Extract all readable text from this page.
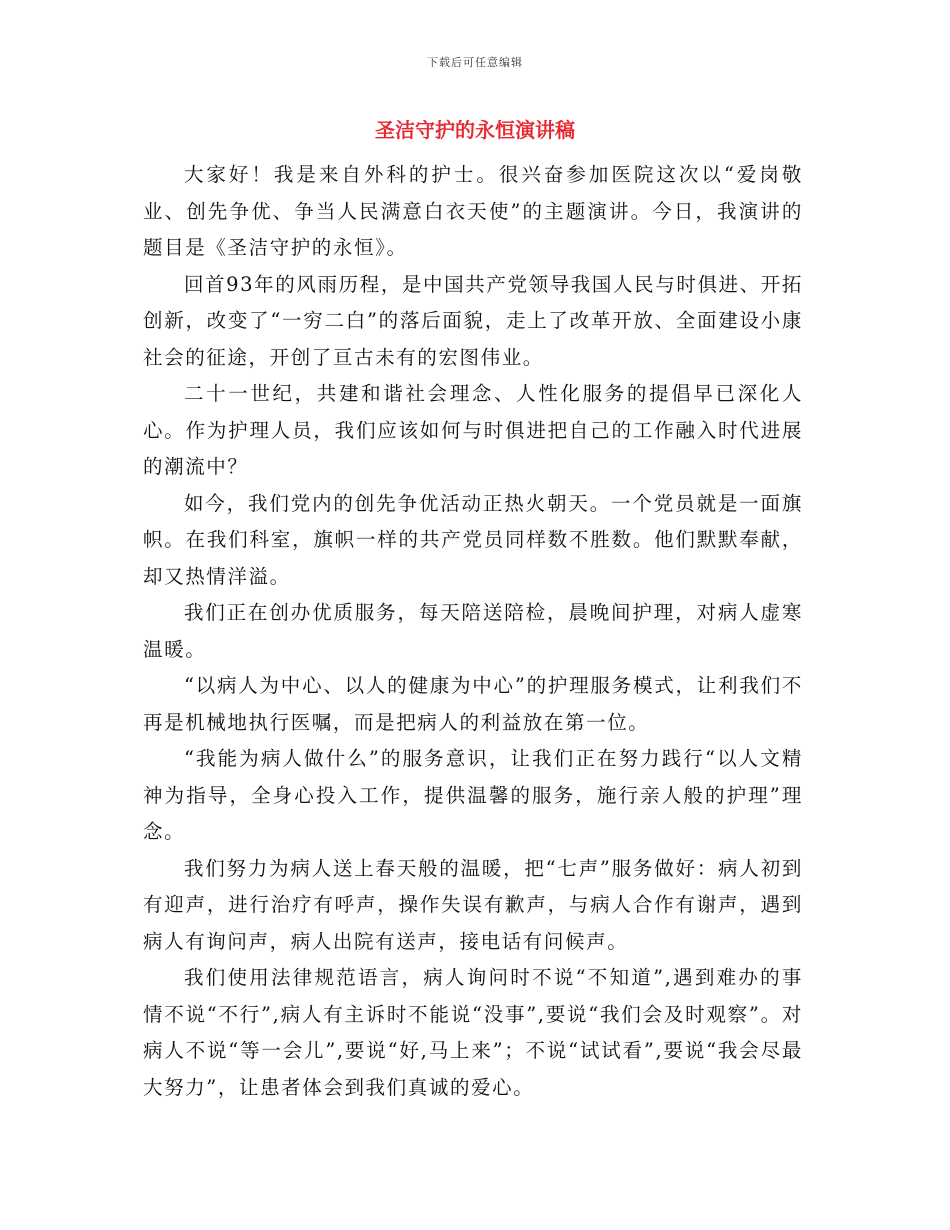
下载后可任意编辑
圣洁守护的永恒演讲稿

大家好！我是来自外科的护士。很兴奋参加医院这次以“爱岗敬业、创先争优、争当人民满意白衣天使”的主题演讲。今日，我演讲的题目是《圣洁守护的永恒》。

回首93年的风雨历程，是中国共产党领导我国人民与时俱进、开拓创新，改变了“一穷二白”的落后面貌，走上了改革开放、全面建设小康社会的征途，开创了亘古未有的宏图伟业。

二十一世纪，共建和谐社会理念、人性化服务的提倡早已深化人心。作为护理人员，我们应该如何与时俱进把自己的工作融入时代进展的潮流中？

如今，我们党内的创先争优活动正热火朝天。一个党员就是一面旗帜。在我们科室，旗帜一样的共产党员同样数不胜数。他们默默奉献，却又热情洋溢。

我们正在创办优质服务，每天陪送陪检，晨晚间护理，对病人虚寒温暖。

“以病人为中心、以人的健康为中心”的护理服务模式，让利我们不再是机械地执行医嘱，而是把病人的利益放在第一位。

“我能为病人做什么”的服务意识，让我们正在努力践行“以人文精神为指导，全身心投入工作，提供温馨的服务，施行亲人般的护理”理念。

我们努力为病人送上春天般的温暖，把“七声”服务做好：病人初到有迎声，进行治疗有呼声，操作失误有歉声，与病人合作有谢声，遇到病人有询问声，病人出院有送声，接电话有问候声。

我们使用法律规范语言，病人询问时不说“不知道”,遇到难办的事情不说“不行”,病人有主诉时不能说“没事”,要说“我们会及时观察”。对病人不说“等一会儿”,要说“好,马上来”；不说“试试看”,要说“我会尽最大努力”，让患者体会到我们真诚的爱心。
